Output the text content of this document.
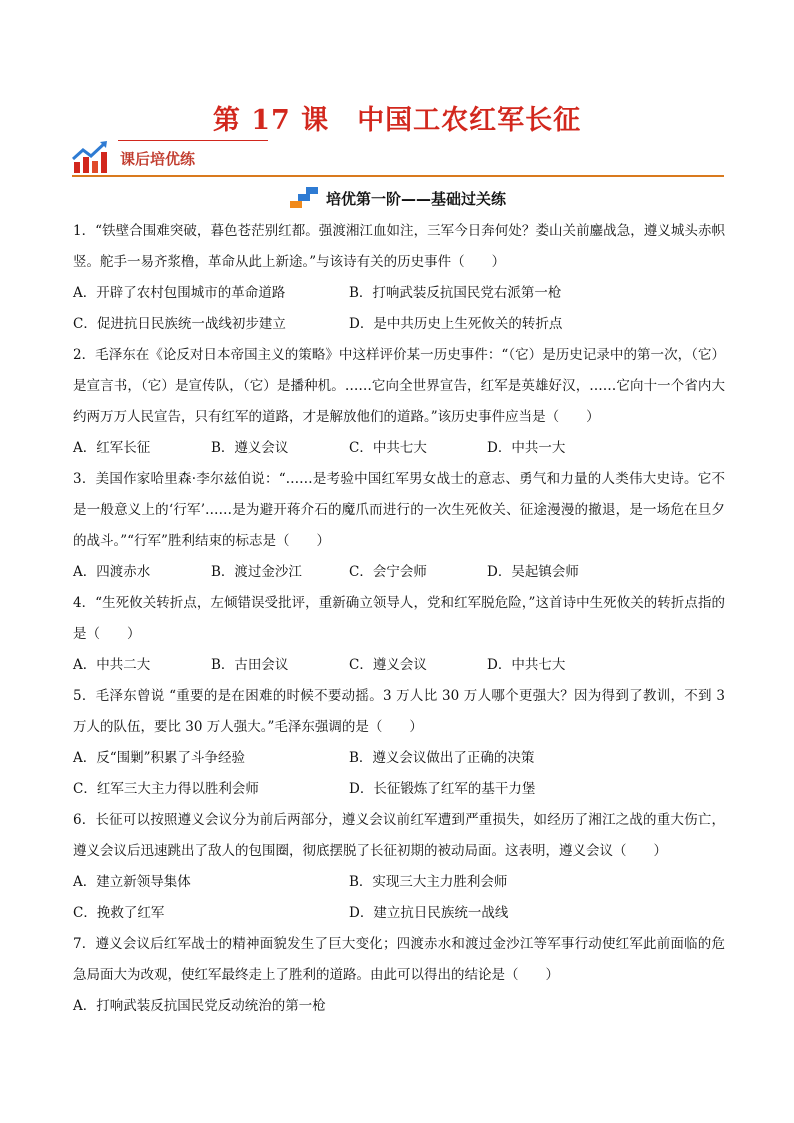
第 17 课 中国工农红军长征
课后培优练
培优第一阶——基础过关练
1．“铁壁合围难突破，暮色苍茫别红都。强渡湘江血如注，三军今日奔何处？娄山关前鏖战急，遵义城头赤帜竖。舵手一易齐浆橹，革命从此上新途。”与该诗有关的历史事件（　　）
A．开辟了农村包围城市的革命道路	B．打响武装反抗国民党右派第一枪
C．促进抗日民族统一战线初步建立	D．是中共历史上生死攸关的转折点
2．毛泽东在《论反对日本帝国主义的策略》中这样评价某一历史事件：“（它）是历史记录中的第一次，（它）是宣言书，（它）是宣传队，（它）是播种机。……它向全世界宣告，红军是英雄好汉，……它向十一个省内大约两万万人民宣告，只有红军的道路，才是解放他们的道路。”该历史事件应当是（　　）
A．红军长征	B．遵义会议	C．中共七大	D．中共一大
3．美国作家哈里森·李尔兹伯说：“……是考验中国红军男女战士的意志、勇气和力量的人类伟大史诗。它不是一般意义上的‘行军’……是为避开蒋介石的魔爪而进行的一次生死攸关、征途漫漫的撤退，是一场危在旦夕的战斗。”“行军”胜利结束的标志是（　　）
A．四渡赤水	B．渡过金沙江	C．会宁会师	D．吴起镇会师
4．“生死攸关转折点，左倾错误受批评，重新确立领导人，党和红军脱危险，”这首诗中生死攸关的转折点指的是（　　）
A．中共二大	B．古田会议	C．遵义会议	D．中共七大
5．毛泽东曾说 “重要的是在困难的时候不要动摇。3 万人比 30 万人哪个更强大？因为得到了教训，不到 3 万人的队伍，要比 30 万人强大。”毛泽东强调的是（　　）
A．反“围剿”积累了斗争经验	B．遵义会议做出了正确的决策
C．红军三大主力得以胜利会师	D．长征锻炼了红军的基干力堡
6．长征可以按照遵义会议分为前后两部分，遵义会议前红军遭到严重损失，如经历了湘江之战的重大伤亡，遵义会议后迅速跳出了敌人的包围圈，彻底摆脱了长征初期的被动局面。这表明，遵义会议（　　）
A．建立新领导集体	B．实现三大主力胜利会师
C．挽救了红军	D．建立抗日民族统一战线
7．遵义会议后红军战士的精神面貌发生了巨大变化；四渡赤水和渡过金沙江等军事行动使红军此前面临的危急局面大为改观，使红军最终走上了胜利的道路。由此可以得出的结论是（　　）
A．打响武装反抗国民党反动统治的第一枪
